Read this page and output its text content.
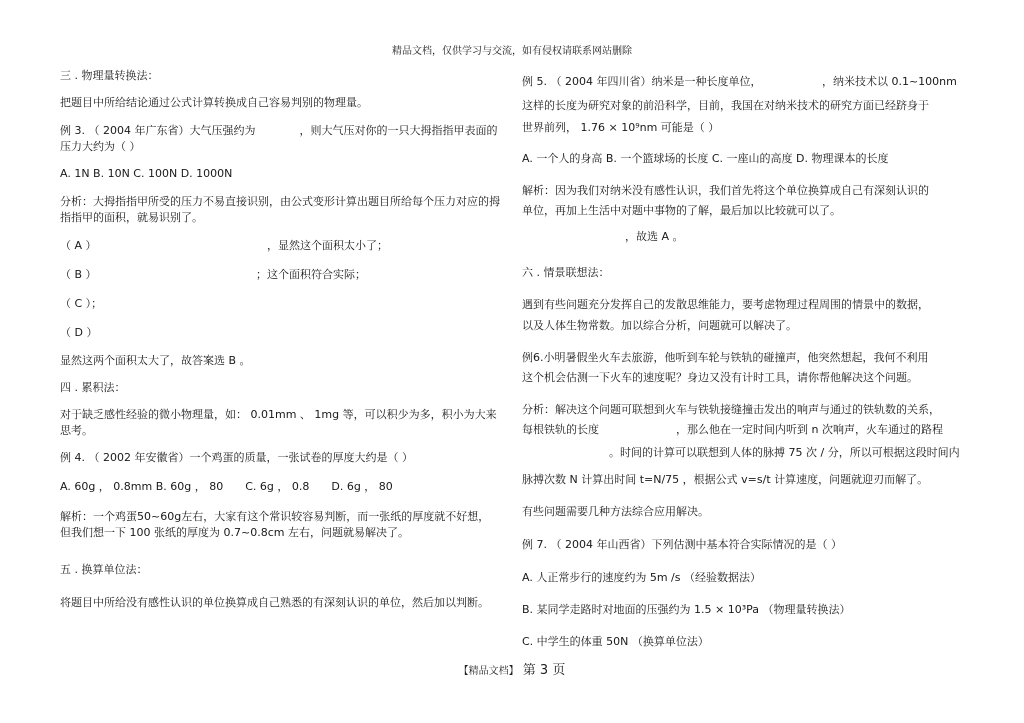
精品文档，仅供学习与交流，如有侵权请联系网站删除
三 . 物理量转换法：
把题目中所给结论通过公式计算转换成自己容易判别的物理量。
例 3. （ 2004 年广东省）大气压强约为　　　　，则大气压对你的一只大拇指指甲表面的压力大约为（ ）
A. 1N B. 10N C. 100N D. 1000N
分析：大拇指指甲所受的压力不易直接识别，由公式变形计算出题目所给每个压力对应的拇指指甲的面积，就易识别了。
（ A ）　　　　　　　　　　　　　　　　，显然这个面积太小了；
（ B ）　　　　　　　　　　　　　　　；这个面积符合实际；
（ C ）；
（ D ）
显然这两个面积太大了，故答案选 B 。
四 . 累积法：
对于缺乏感性经验的微小物理量，如： 0.01mm 、 1mg 等，可以积少为多，积小为大来思考。
例 4. （ 2002 年安徽省）一个鸡蛋的质量，一张试卷的厚度大约是（ ）
A. 60g ， 0.8mm B. 60g ， 80　　C. 6g ， 0.8　　D. 6g ， 80
解析：一个鸡蛋50~60g左右，大家有这个常识较容易判断，而一张纸的厚度就不好想，但我们想一下 100 张纸的厚度为 0.7~0.8cm 左右，问题就易解决了。
五 . 换算单位法：
将题目中所给没有感性认识的单位换算成自己熟悉的有深刻认识的单位，然后加以判断。
例 5. （ 2004 年四川省）纳米是一种长度单位，　　　　　　，纳米技术以 0.1~100nm
这样的长度为研究对象的前沿科学，目前，我国在对纳米技术的研究方面已经跻身于
世界前列， 1.76 × 10⁹nm 可能是（ ）
A. 一个人的身高 B. 一个篮球场的长度 C. 一座山的高度 D. 物理课本的长度
解析：因为我们对纳米没有感性认识，我们首先将这个单位换算成自己有深刻认识的
单位，再加上生活中对题中事物的了解，最后加以比较就可以了。
，故选 A 。
六 . 情景联想法：
遇到有些问题充分发挥自己的发散思维能力，要考虑物理过程周围的情景中的数据，
以及人体生物常数。加以综合分析，问题就可以解决了。
例6.小明暑假坐火车去旅游，他听到车轮与铁轨的碰撞声，他突然想起，我何不利用
这个机会估测一下火车的速度呢？身边又没有计时工具，请你帮他解决这个问题。
分析：解决这个问题可联想到火车与铁轨接缝撞击发出的响声与通过的铁轨数的关系，
每根铁轨的长度　　　　　　　，那么他在一定时间内听到 n 次响声，火车通过的路程
。时间的计算可以联想到人体的脉搏 75 次 / 分，所以可根据这段时间内
脉搏次数 N 计算出时间 t=N/75 ，根据公式 v=s/t 计算速度，问题就迎刃而解了。
有些问题需要几种方法综合应用解决。
例 7. （ 2004 年山西省）下列估测中基本符合实际情况的是（ ）
A. 人正常步行的速度约为 5m /s （经验数据法）
B. 某同学走路时对地面的压强约为 1.5 × 10³Pa （物理量转换法）
C. 中学生的体重 50N （换算单位法）
【精品文档】 第 3 页
